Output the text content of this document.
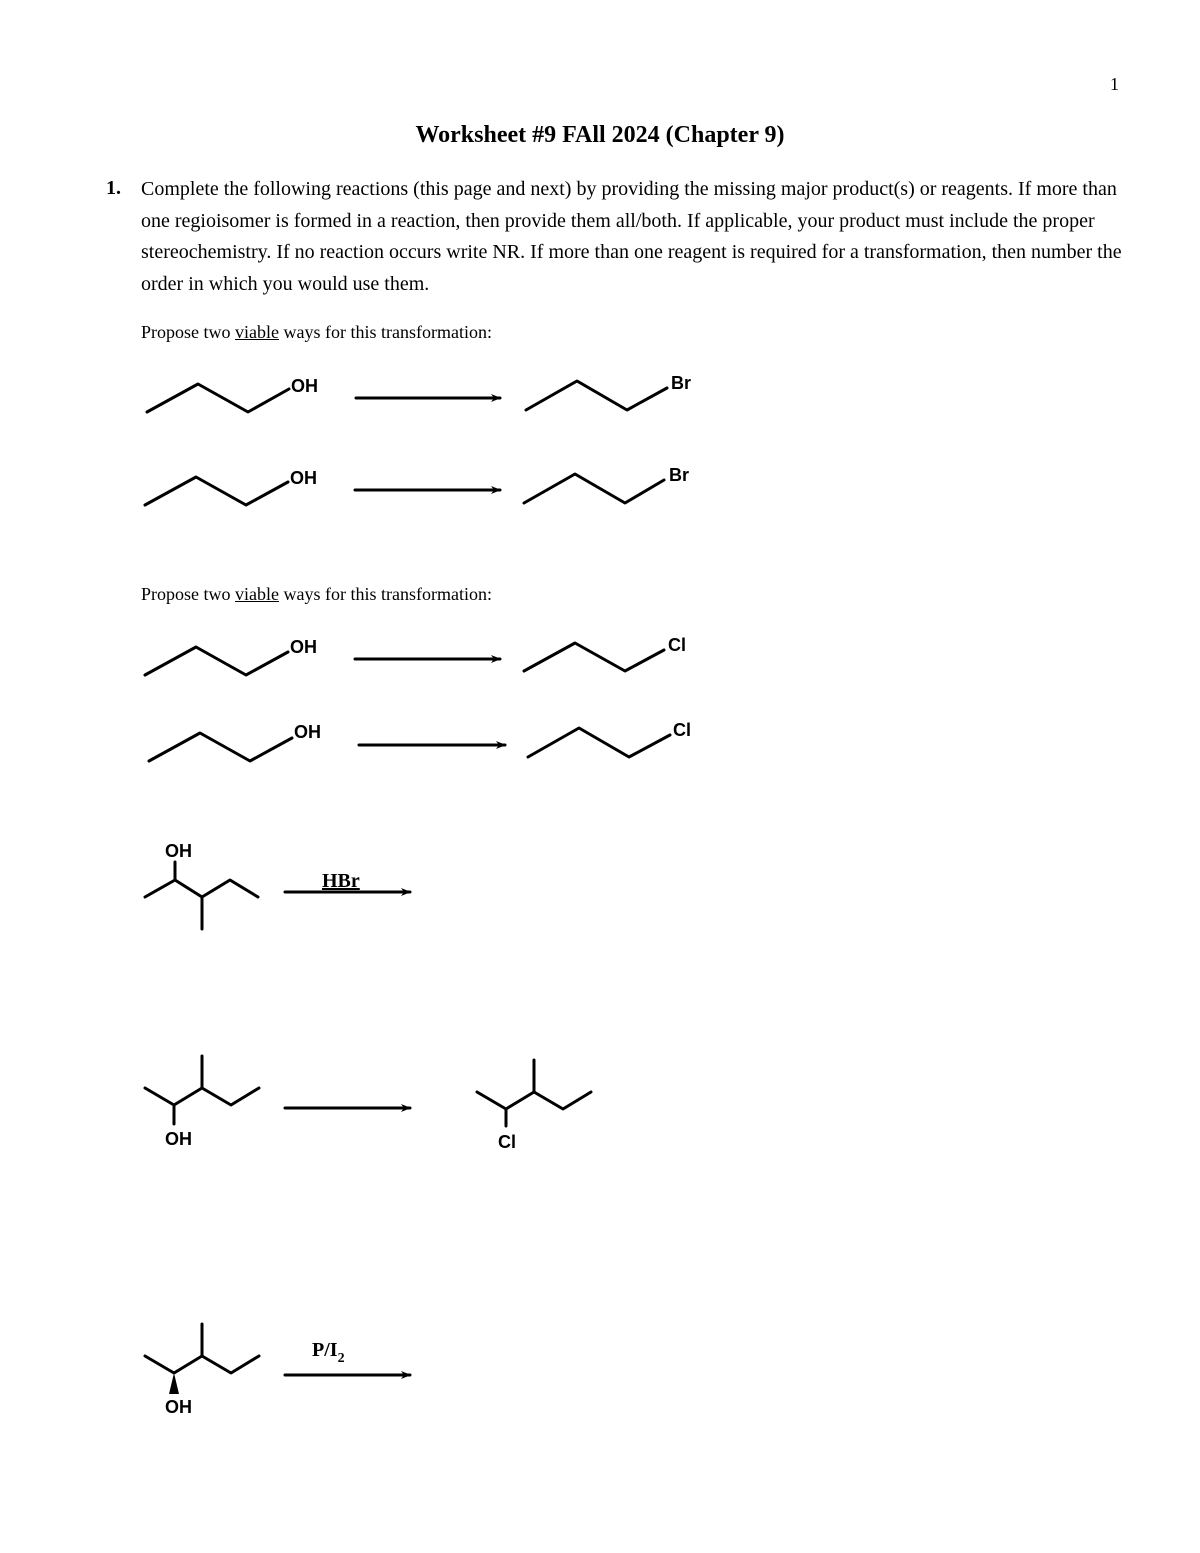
1
Worksheet #9 FAll 2024 (Chapter 9)
1. Complete the following reactions (this page and next) by providing the missing major product(s) or reagents. If more than one regioisomer is formed in a reaction, then provide them all/both. If applicable, your product must include the proper stereochemistry. If no reaction occurs write NR. If more than one reagent is required for a transformation, then number the order in which you would use them.
Propose two viable ways for this transformation:
Propose two viable ways for this transformation:
OH	Br
OH	Br
OH	Cl
OH	Cl
OH
OH	Cl
OH
HBr
$P/I_2$
